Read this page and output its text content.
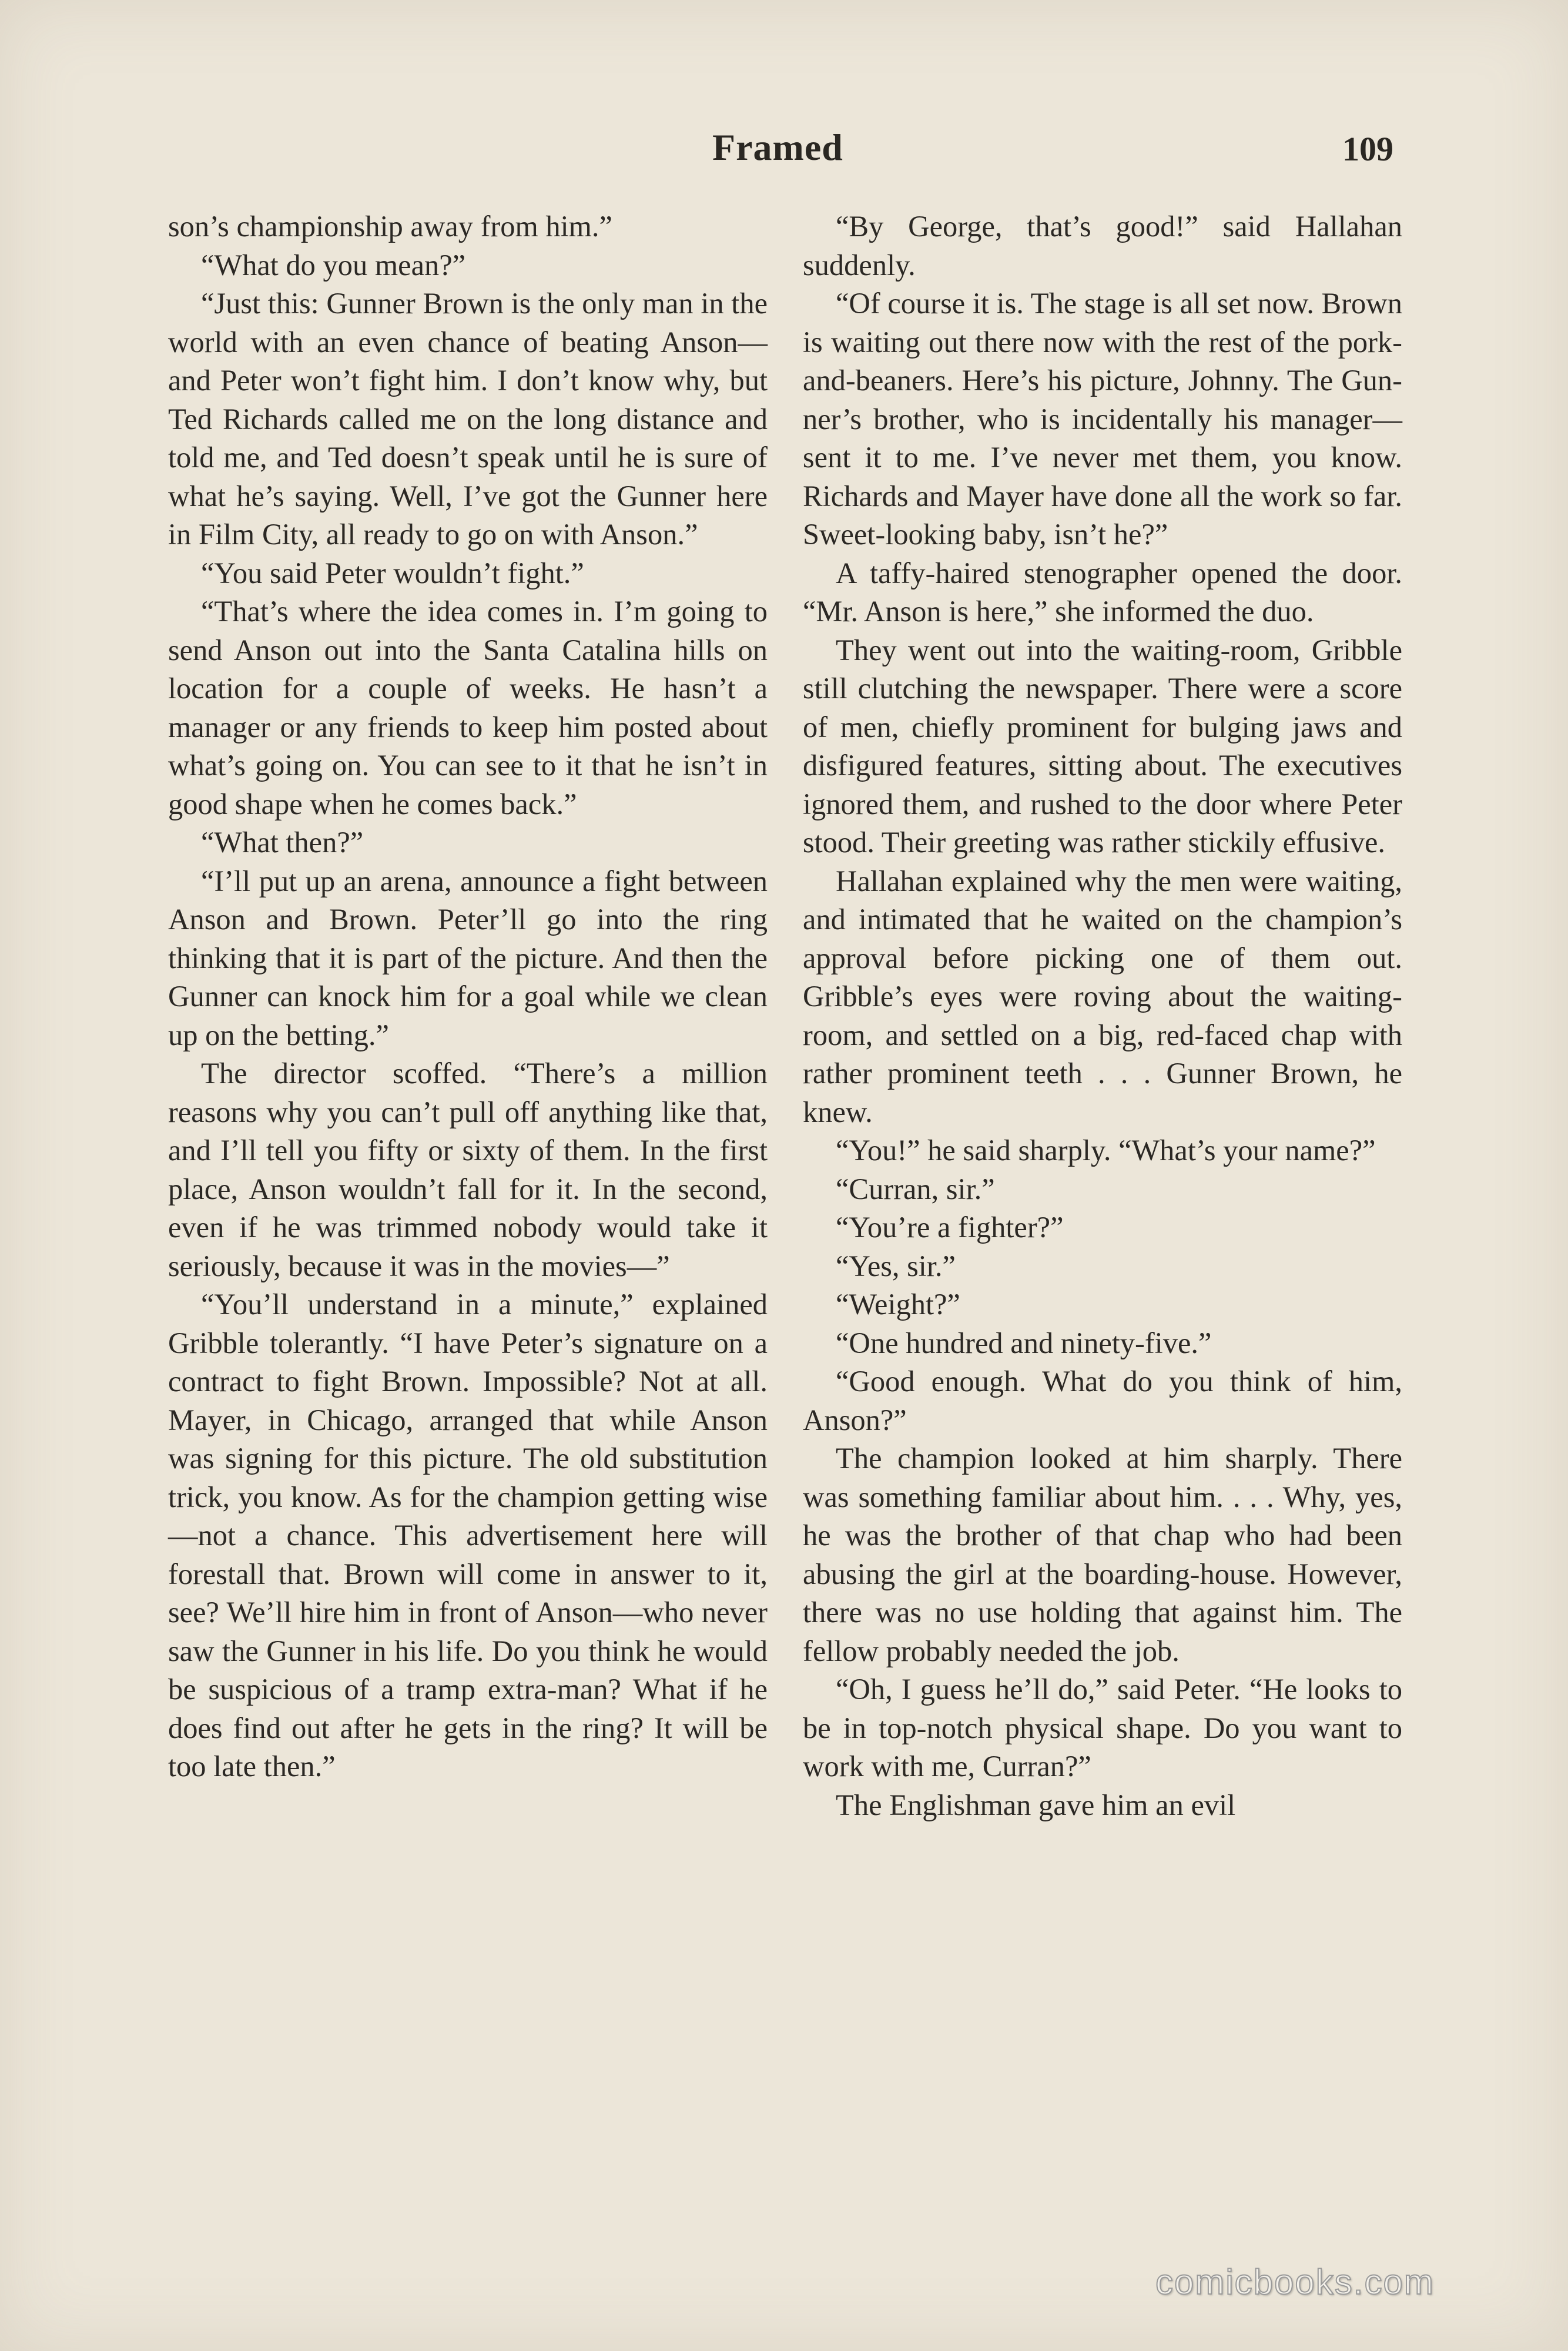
Framed	109

son’s championship away from him.”

“What do you mean?”

“Just this: Gunner Brown is the only man in the world with an even chance of beating Anson—and Peter won’t fight him. I don’t know why, but Ted Richards called me on the long distance and told me, and Ted doesn’t speak until he is sure of what he’s saying. Well, I’ve got the Gunner here in Film City, all ready to go on with Anson.”

“You said Peter wouldn’t fight.”

“That’s where the idea comes in. I’m going to send Anson out into the Santa Catalina hills on location for a couple of weeks. He hasn’t a manager or any friends to keep him posted about what’s going on. You can see to it that he isn’t in good shape when he comes back.”

“What then?”

“I’ll put up an arena, announce a fight between Anson and Brown. Peter’ll go into the ring thinking that it is part of the picture. And then the Gunner can knock him for a goal while we clean up on the betting.”

The director scoffed. “There’s a million reasons why you can’t pull off anything like that, and I’ll tell you fifty or sixty of them. In the first place, Anson wouldn’t fall for it. In the second, even if he was trimmed nobody would take it seriously, because it was in the movies—”

“You’ll understand in a minute,” explained Gribble tolerantly. “I have Peter’s signature on a contract to fight Brown. Impossible? Not at all. Mayer, in Chicago, arranged that while Anson was signing for this picture. The old substitution trick, you know. As for the champion getting wise—not a chance. This advertisement here will forestall that. Brown will come in answer to it, see? We’ll hire him in front of Anson—who never saw the Gunner in his life. Do you think he would be suspicious of a tramp extra-man? What if he does find out after he gets in the ring? It will be too late then.”

“By George, that’s good!” said Hallahan suddenly.

“Of course it is. The stage is all set now. Brown is waiting out there now with the rest of the pork-and-beaners. Here’s his picture, Johnny. The Gunner’s brother, who is incidentally his manager—sent it to me. I’ve never met them, you know. Richards and Mayer have done all the work so far. Sweet-looking baby, isn’t he?”

A taffy-haired stenographer opened the door. “Mr. Anson is here,” she informed the duo.

They went out into the waiting-room, Gribble still clutching the newspaper. There were a score of men, chiefly prominent for bulging jaws and disfigured features, sitting about. The executives ignored them, and rushed to the door where Peter stood. Their greeting was rather stickily effusive.

Hallahan explained why the men were waiting, and intimated that he waited on the champion’s approval before picking one of them out. Gribble’s eyes were roving about the waiting-room, and settled on a big, red-faced chap with rather prominent teeth . . . Gunner Brown, he knew.

“You!” he said sharply. “What’s your name?”

“Curran, sir.”

“You’re a fighter?”

“Yes, sir.”

“Weight?”

“One hundred and ninety-five.”

“Good enough. What do you think of him, Anson?”

The champion looked at him sharply. There was something familiar about him. . . . Why, yes, he was the brother of that chap who had been abusing the girl at the boarding-house. However, there was no use holding that against him. The fellow probably needed the job.

“Oh, I guess he’ll do,” said Peter. “He looks to be in top-notch physical shape. Do you want to work with me, Curran?”

The Englishman gave him an evil

comicbooks.com
